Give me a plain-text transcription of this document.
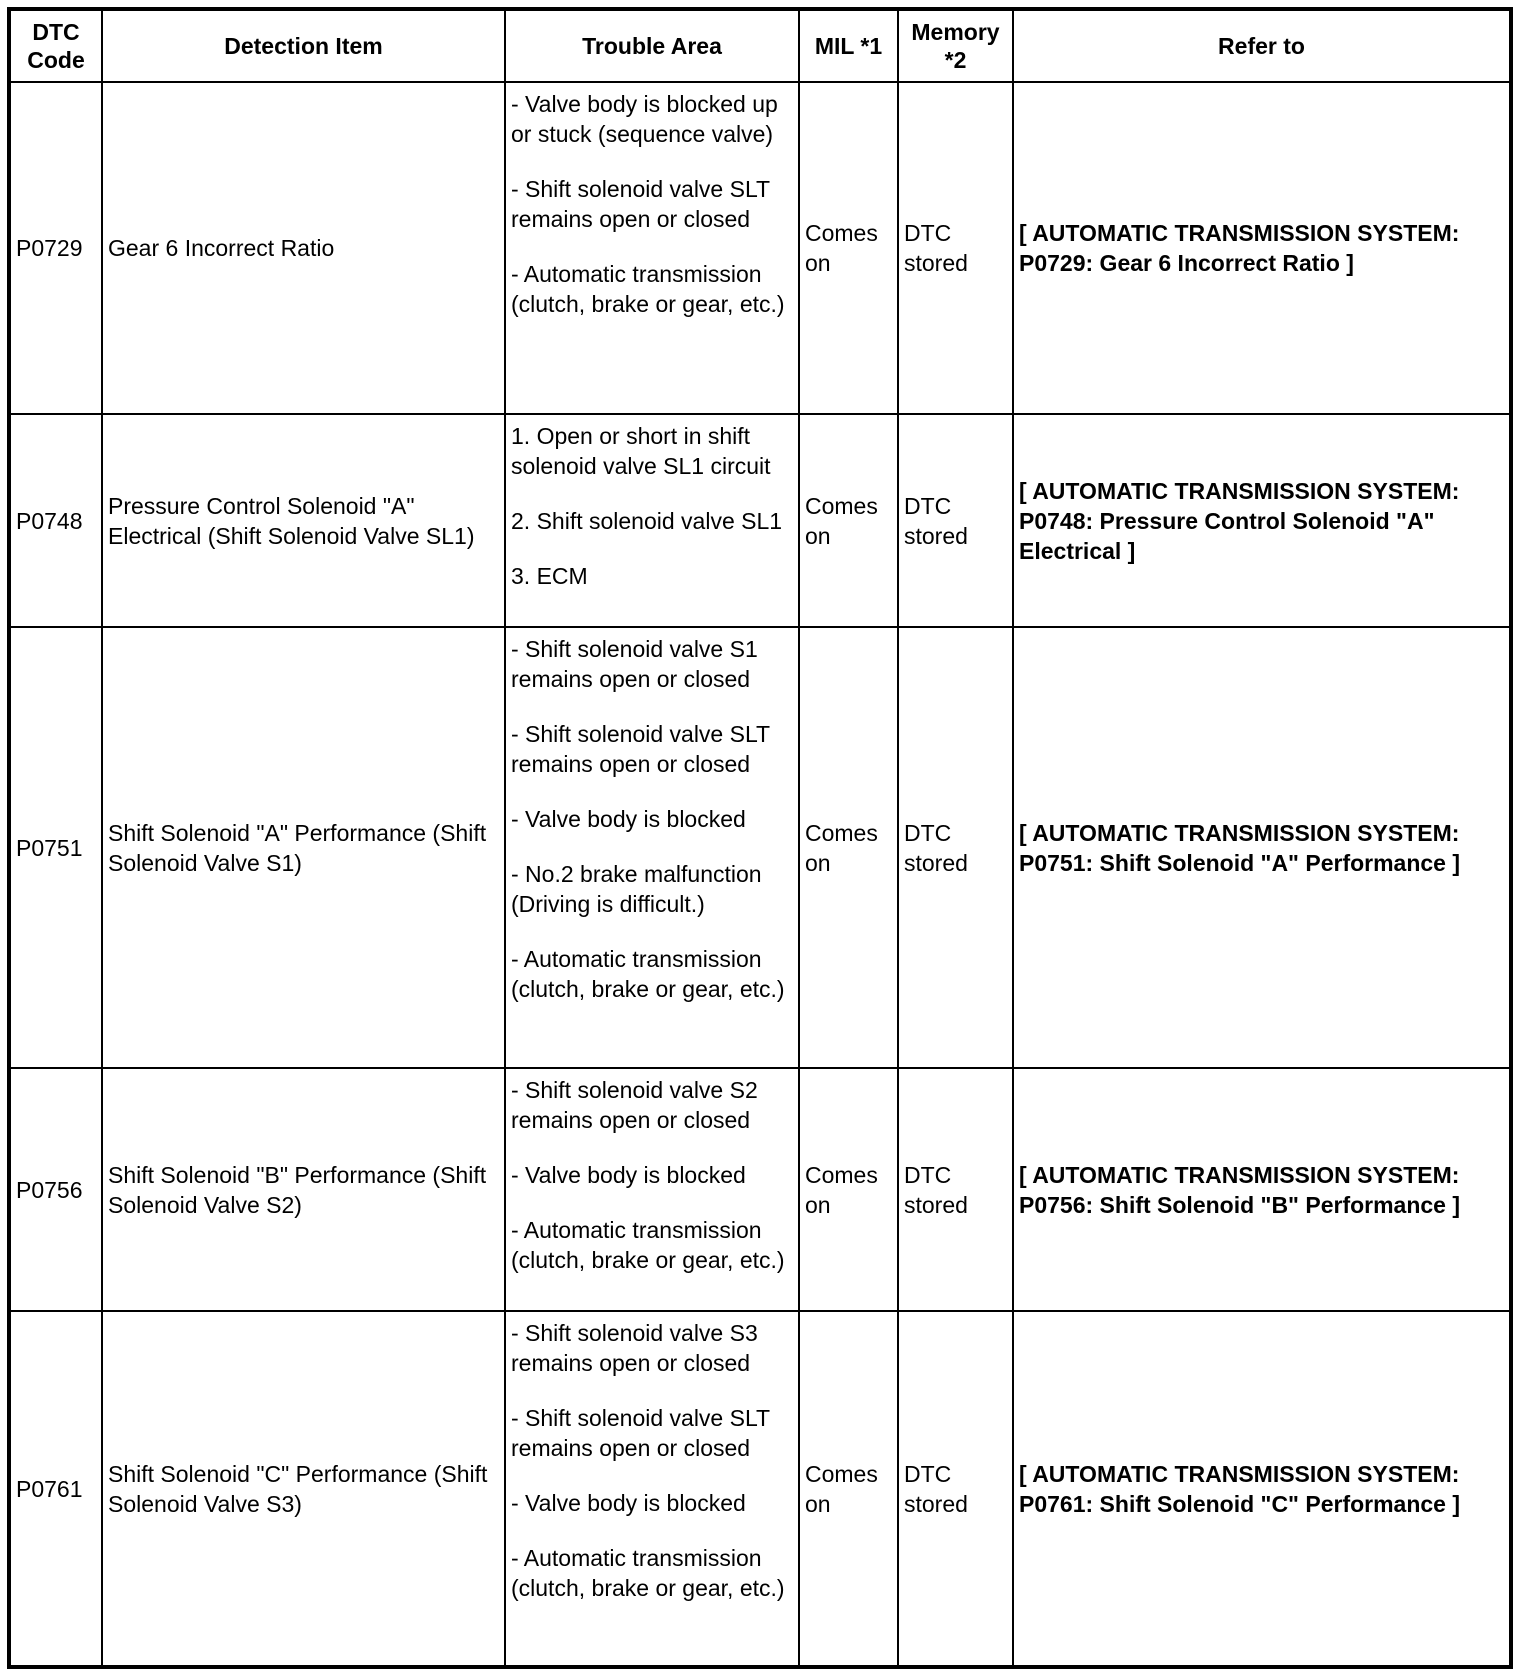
DTC Code	Detection Item	Trouble Area	MIL *1	Memory *2	Refer to
P0729	Gear 6 Incorrect Ratio	- Valve body is blocked up or stuck (sequence valve)

- Shift solenoid valve SLT remains open or closed

- Automatic transmission (clutch, brake or gear, etc.)	Comes on	DTC stored	[ AUTOMATIC TRANSMISSION SYSTEM: P0729: Gear 6 Incorrect Ratio ]
P0748	Pressure Control Solenoid "A" Electrical (Shift Solenoid Valve SL1)	1. Open or short in shift solenoid valve SL1 circuit

2. Shift solenoid valve SL1

3. ECM	Comes on	DTC stored	[ AUTOMATIC TRANSMISSION SYSTEM: P0748: Pressure Control Solenoid "A" Electrical ]
P0751	Shift Solenoid "A" Performance (Shift Solenoid Valve S1)	- Shift solenoid valve S1 remains open or closed

- Shift solenoid valve SLT remains open or closed

- Valve body is blocked

- No.2 brake malfunction (Driving is difficult.)

- Automatic transmission (clutch, brake or gear, etc.)	Comes on	DTC stored	[ AUTOMATIC TRANSMISSION SYSTEM: P0751: Shift Solenoid "A" Performance ]
P0756	Shift Solenoid "B" Performance (Shift Solenoid Valve S2)	- Shift solenoid valve S2 remains open or closed

- Valve body is blocked

- Automatic transmission (clutch, brake or gear, etc.)	Comes on	DTC stored	[ AUTOMATIC TRANSMISSION SYSTEM: P0756: Shift Solenoid "B" Performance ]
P0761	Shift Solenoid "C" Performance (Shift Solenoid Valve S3)	- Shift solenoid valve S3 remains open or closed

- Shift solenoid valve SLT remains open or closed

- Valve body is blocked

- Automatic transmission (clutch, brake or gear, etc.)	Comes on	DTC stored	[ AUTOMATIC TRANSMISSION SYSTEM: P0761: Shift Solenoid "C" Performance ]
